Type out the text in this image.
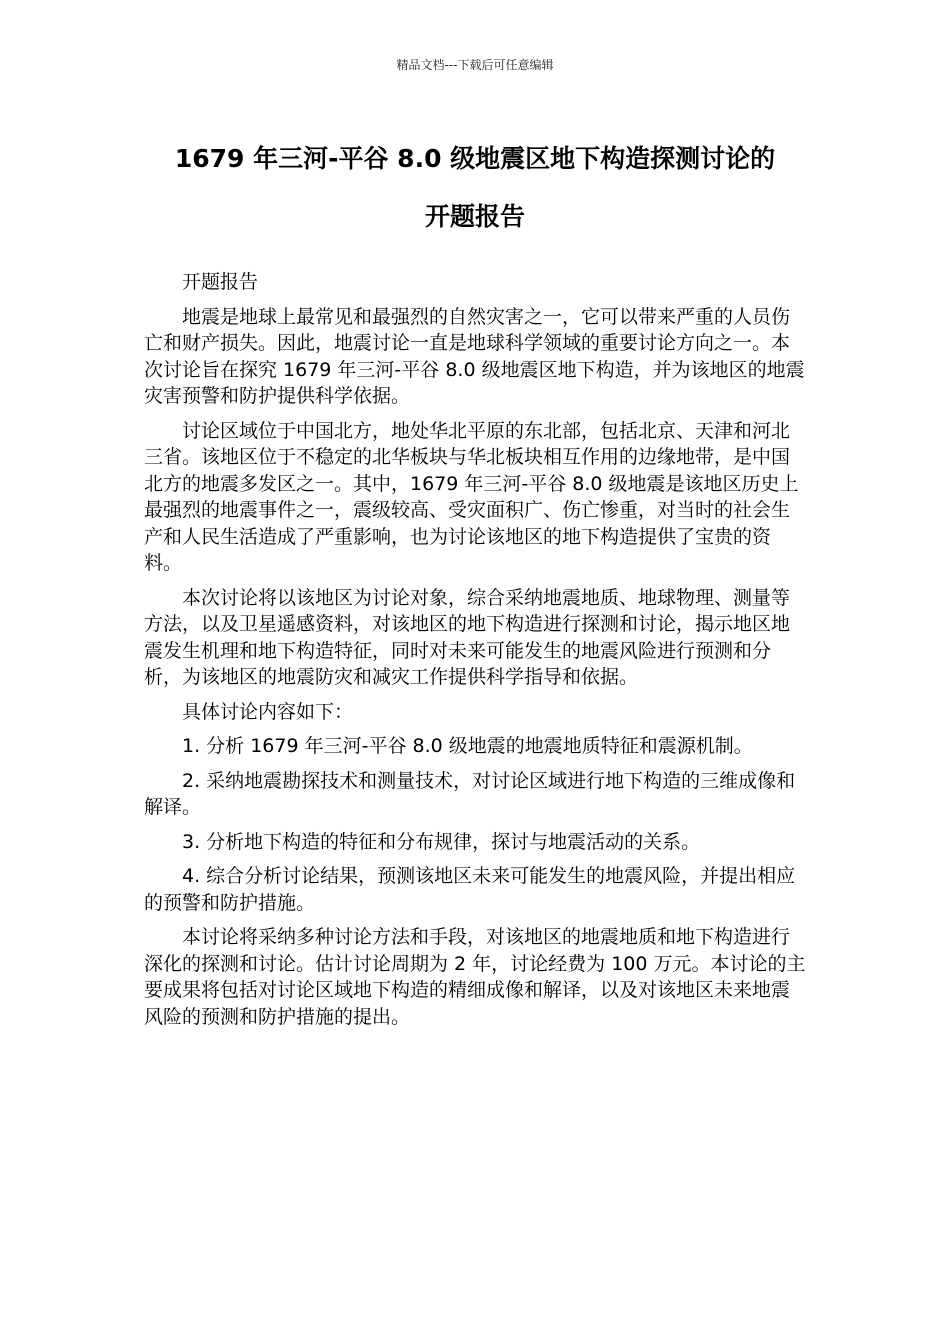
精品文档---下载后可任意编辑
1679 年三河-平谷 8.0 级地震区地下构造探测讨论的
开题报告

开题报告

地震是地球上最常见和最强烈的自然灾害之一，它可以带来严重的人员伤亡和财产损失。因此，地震讨论一直是地球科学领域的重要讨论方向之一。本次讨论旨在探究 1679 年三河-平谷 8.0 级地震区地下构造，并为该地区的地震灾害预警和防护提供科学依据。

讨论区域位于中国北方，地处华北平原的东北部，包括北京、天津和河北三省。该地区位于不稳定的北华板块与华北板块相互作用的边缘地带，是中国北方的地震多发区之一。其中，1679 年三河-平谷 8.0 级地震是该地区历史上最强烈的地震事件之一，震级较高、受灾面积广、伤亡惨重，对当时的社会生产和人民生活造成了严重影响，也为讨论该地区的地下构造提供了宝贵的资料。

本次讨论将以该地区为讨论对象，综合采纳地震地质、地球物理、测量等方法，以及卫星遥感资料，对该地区的地下构造进行探测和讨论，揭示地区地震发生机理和地下构造特征，同时对未来可能发生的地震风险进行预测和分析，为该地区的地震防灾和减灾工作提供科学指导和依据。

具体讨论内容如下：

1. 分析 1679 年三河-平谷 8.0 级地震的地震地质特征和震源机制。

2. 采纳地震勘探技术和测量技术，对讨论区域进行地下构造的三维成像和解译。

3. 分析地下构造的特征和分布规律，探讨与地震活动的关系。

4. 综合分析讨论结果，预测该地区未来可能发生的地震风险，并提出相应的预警和防护措施。

本讨论将采纳多种讨论方法和手段，对该地区的地震地质和地下构造进行深化的探测和讨论。估计讨论周期为 2 年，讨论经费为 100 万元。本讨论的主要成果将包括对讨论区域地下构造的精细成像和解译，以及对该地区未来地震风险的预测和防护措施的提出。
